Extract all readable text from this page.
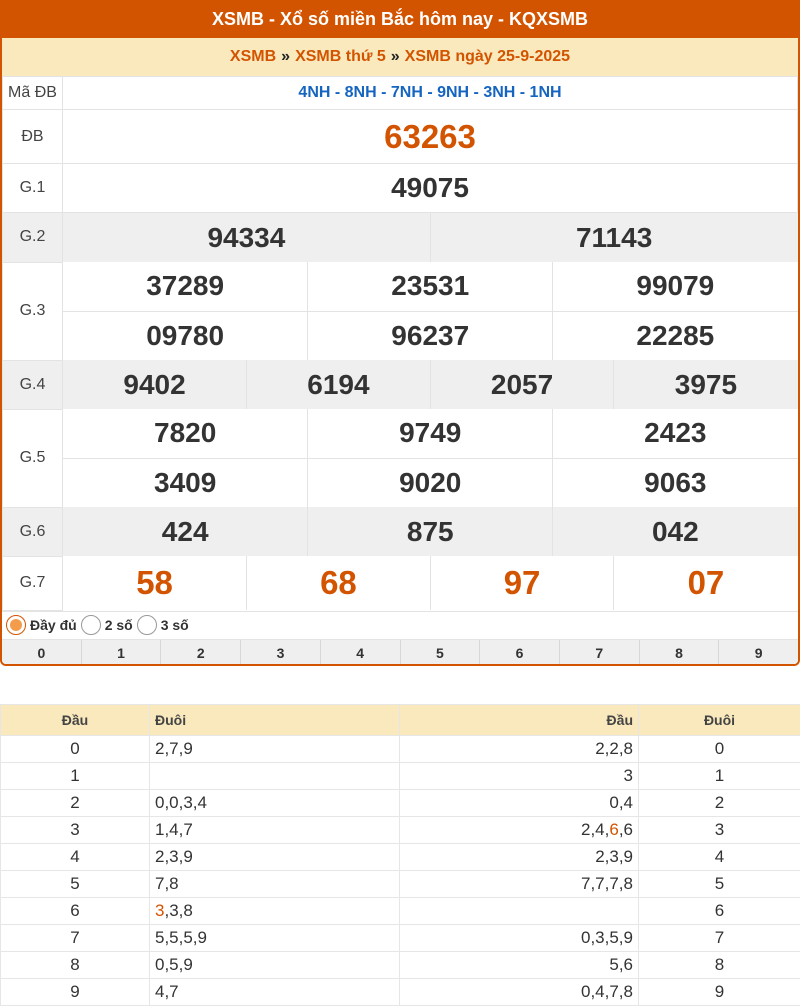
XSMB - Xổ số miền Bắc hôm nay - KQXSMB
XSMB » XSMB thứ 5 » XSMB ngày 25-9-2025
Mã ĐB	4NH - 8NH - 7NH - 9NH - 3NH - 1NH
ĐB	63263
G.1	49075
G.2		94334	71143

G.3	
37289	23531	99079
09780	96237	22285

G.4		9402	6194	2057	3975

G.5	
7820	9749	2423
3409	9020	9063

G.6		424	875	042

G.7		58	68	97	07
Đầy đủ 2 số 3 số
0	1	2	3	4	5	6	7	8	9
Đầu	Đuôi	Đầu	Đuôi
0	2,7,9	2,2,8	0
1		3	1
2	0,0,3,4	0,4	2
3	1,4,7	2,4,6,6	3
4	2,3,9	2,3,9	4
5	7,8	7,7,7,8	5
6	3,3,8		6
7	5,5,5,9	0,3,5,9	7
8	0,5,9	5,6	8
9	4,7	0,4,7,8	9
